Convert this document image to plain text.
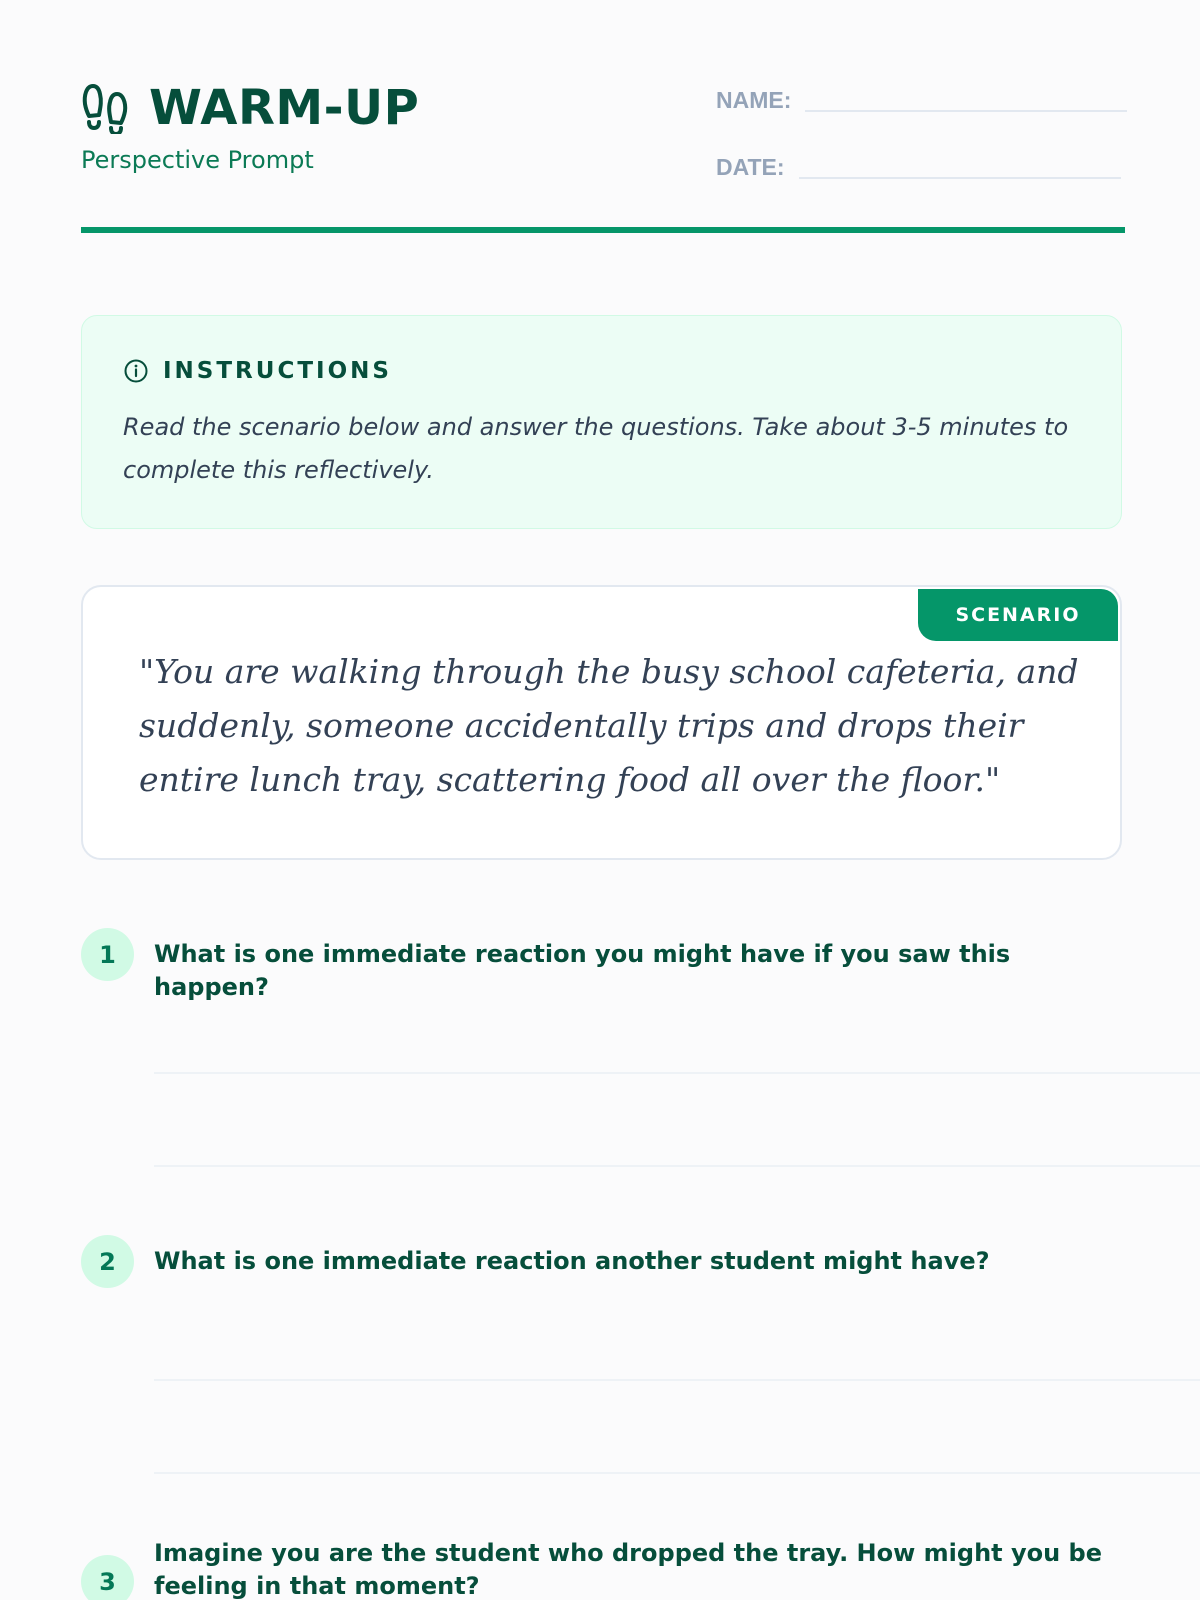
WARM-UP
Perspective Prompt
NAME:
DATE:
INSTRUCTIONS
Read the scenario below and answer the questions. Take about 3-5 minutes to complete this reflectively.
SCENARIO
"You are walking through the busy school cafeteria, and suddenly, someone accidentally trips and drops their entire lunch tray, scattering food all over the floor."
1	What is one immediate reaction you might have if you saw this happen?
2	What is one immediate reaction another student might have?
3
Imagine you are the student who dropped the tray. How might you be feeling in that moment?
